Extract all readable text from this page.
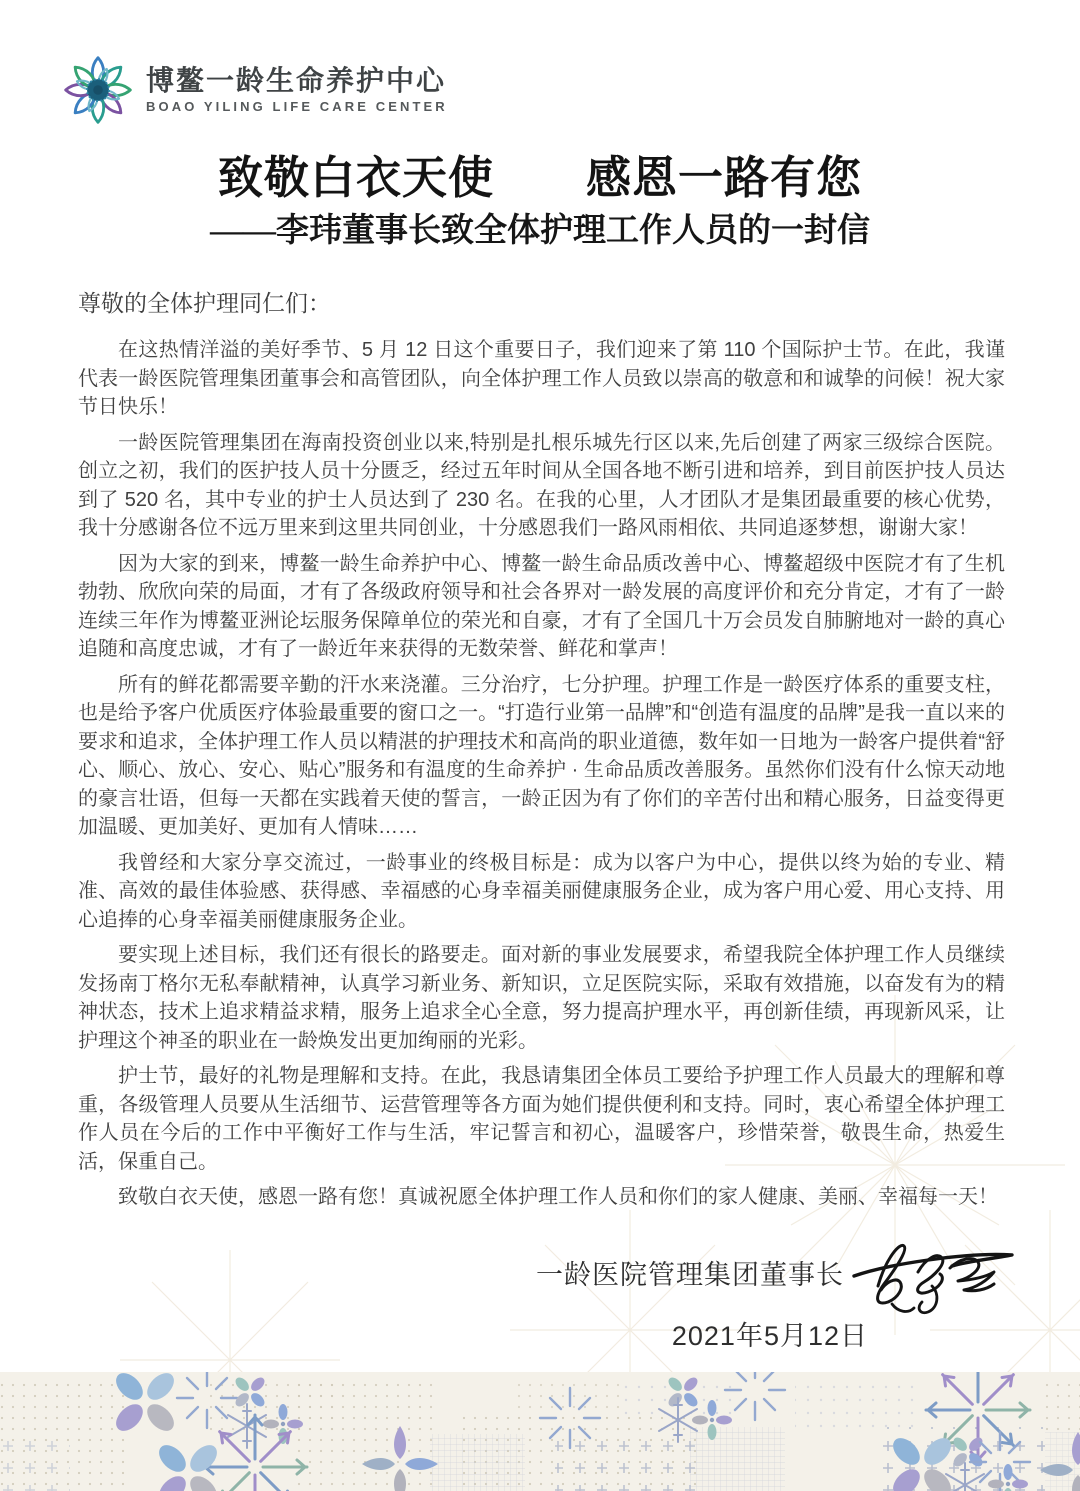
博鳌一龄生命养护中心
BOAO YILING LIFE CARE CENTER
致敬白衣天使　　感恩一路有您
——李玮董事长致全体护理工作人员的一封信
尊敬的全体护理同仁们：

在这热情洋溢的美好季节、5 月 12 日这个重要日子，我们迎来了第 110 个国际护士节。在此，我谨代表一龄医院管理集团董事会和高管团队，向全体护理工作人员致以崇高的敬意和和诚挚的问候！祝大家节日快乐！

一龄医院管理集团在海南投资创业以来,特别是扎根乐城先行区以来,先后创建了两家三级综合医院。创立之初，我们的医护技人员十分匮乏，经过五年时间从全国各地不断引进和培养，到目前医护技人员达到了 520 名，其中专业的护士人员达到了 230 名。在我的心里，人才团队才是集团最重要的核心优势，我十分感谢各位不远万里来到这里共同创业，十分感恩我们一路风雨相依、共同追逐梦想，谢谢大家！

因为大家的到来，博鳌一龄生命养护中心、博鳌一龄生命品质改善中心、博鳌超级中医院才有了生机勃勃、欣欣向荣的局面，才有了各级政府领导和社会各界对一龄发展的高度评价和充分肯定，才有了一龄连续三年作为博鳌亚洲论坛服务保障单位的荣光和自豪，才有了全国几十万会员发自肺腑地对一龄的真心追随和高度忠诚，才有了一龄近年来获得的无数荣誉、鲜花和掌声！

所有的鲜花都需要辛勤的汗水来浇灌。三分治疗，七分护理。护理工作是一龄医疗体系的重要支柱，也是给予客户优质医疗体验最重要的窗口之一。“打造行业第一品牌”和“创造有温度的品牌”是我一直以来的要求和追求，全体护理工作人员以精湛的护理技术和高尚的职业道德，数年如一日地为一龄客户提供着“舒心、顺心、放心、安心、贴心”服务和有温度的生命养护 · 生命品质改善服务。虽然你们没有什么惊天动地的豪言壮语，但每一天都在实践着天使的誓言，一龄正因为有了你们的辛苦付出和精心服务，日益变得更加温暖、更加美好、更加有人情味……

我曾经和大家分享交流过，一龄事业的终极目标是：成为以客户为中心，提供以终为始的专业、精准、高效的最佳体验感、获得感、幸福感的心身幸福美丽健康服务企业，成为客户用心爱、用心支持、用心追捧的心身幸福美丽健康服务企业。

要实现上述目标，我们还有很长的路要走。面对新的事业发展要求，希望我院全体护理工作人员继续发扬南丁格尔无私奉献精神，认真学习新业务、新知识，立足医院实际，采取有效措施，以奋发有为的精神状态，技术上追求精益求精，服务上追求全心全意，努力提高护理水平，再创新佳绩，再现新风采，让护理这个神圣的职业在一龄焕发出更加绚丽的光彩。

护士节，最好的礼物是理解和支持。在此，我恳请集团全体员工要给予护理工作人员最大的理解和尊重，各级管理人员要从生活细节、运营管理等各方面为她们提供便利和支持。同时，衷心希望全体护理工作人员在今后的工作中平衡好工作与生活，牢记誓言和初心，温暖客户，珍惜荣誉，敬畏生命，热爱生活，保重自己。

致敬白衣天使，感恩一路有您！真诚祝愿全体护理工作人员和你们的家人健康、美丽、幸福每一天！

一龄医院管理集团董事长
2021年5月12日
